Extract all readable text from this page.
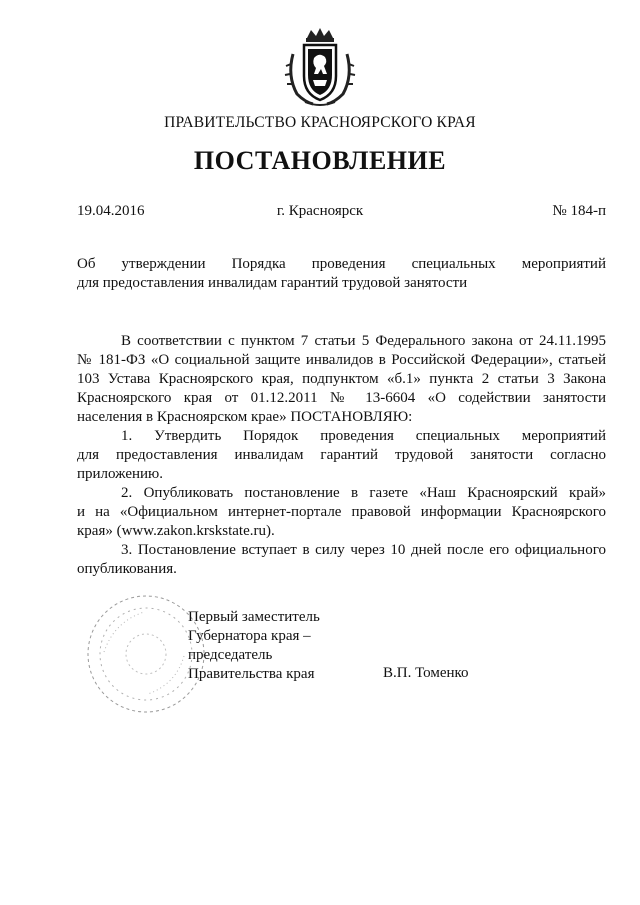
ПРАВИТЕЛЬСТВО КРАСНОЯРСКОГО КРАЯ
ПОСТАНОВЛЕНИЕ
19.04.2016	г. Красноярск	№ 184-п
Об утверждении Порядка проведения специальных мероприятий
для предоставления инвалидам гарантий трудовой занятости

В соответствии с пунктом 7 статьи 5 Федерального закона от 24.11.1995

№ 181-ФЗ «О социальной защите инвалидов в Российской Федерации», статьей

103 Устава Красноярского края, подпунктом «б.1» пункта 2 статьи 3 Закона

Красноярского края от 01.12.2011 № 13-6604 «О содействии занятости

населения в Красноярском крае» ПОСТАНОВЛЯЮ:

1. Утвердить Порядок проведения специальных мероприятий

для предоставления инвалидам гарантий трудовой занятости согласно

приложению.

2. Опубликовать постановление в газете «Наш Красноярский край»

и на «Официальном интернет-портале правовой информации Красноярского

края» (www.zakon.krskstate.ru).

3. Постановление вступает в силу через 10 дней после его официального

опубликования.

Первый заместитель
Губернатора края –
председатель
Правительства края	В.П. Томенко
